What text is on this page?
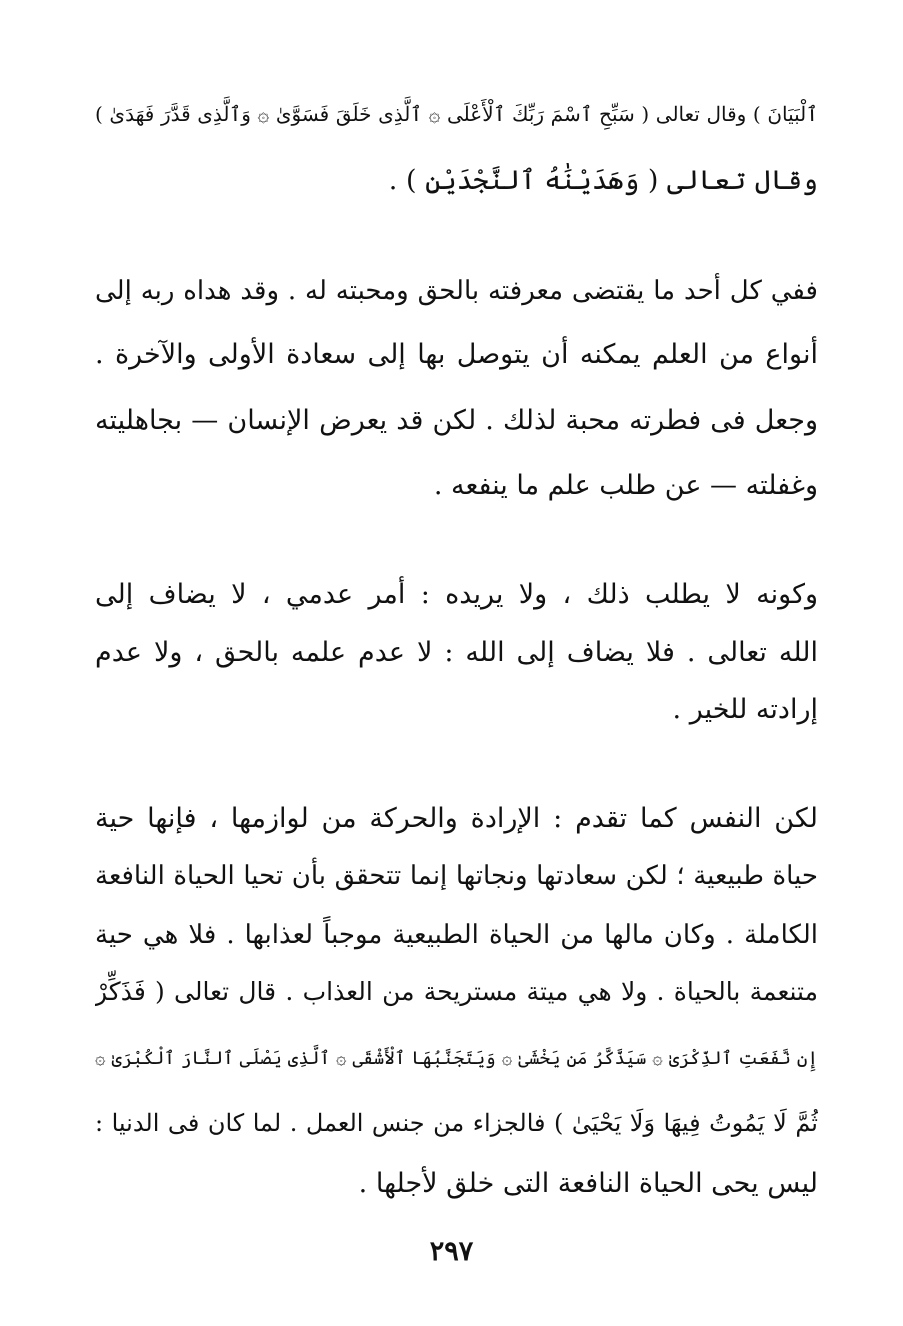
ٱلْبَيَانَ ) وقال تعالى ( سَبِّحِ ٱسْمَ رَبِّكَ ٱلْأَعْلَى ۞ ٱلَّذِى خَلَقَ فَسَوَّىٰ ۞ وَٱلَّذِى قَدَّرَ فَهَدَىٰ )
وقال تعالى ( وَهَدَيْنَٰهُ ٱلنَّجْدَيْنِ ) .
ففي كل أحد ما يقتضى معرفته بالحق ومحبته له . وقد هداه ربه إلى
أنواع من العلم يمكنه أن يتوصل بها إلى سعادة الأولى والآخرة .
وجعل فى فطرته محبة لذلك . لكن قد يعرض الإنسان — بجاهليته
وغفلته — عن طلب علم ما ينفعه .
وكونه لا يطلب ذلك ، ولا يريده : أمر عدمي ، لا يضاف إلى
الله تعالى . فلا يضاف إلى الله : لا عدم علمه بالحق ، ولا عدم
إرادته للخير .
لكن النفس كما تقدم : الإرادة والحركة من لوازمها ، فإنها حية
حياة طبيعية ؛ لكن سعادتها ونجاتها إنما تتحقق بأن تحيا الحياة النافعة
الكاملة . وكان مالها من الحياة الطبيعية موجباً لعذابها . فلا هي حية
متنعمة بالحياة . ولا هي ميتة مستريحة من العذاب . قال تعالى ( فَذَكِّرْ
إِن نَّفَعَتِ ٱلذِّكْرَىٰ ۞ سَيَذَّكَّرُ مَن يَخْشَىٰ ۞ وَيَتَجَنَّبُهَا ٱلْأَشْقَى ۞ ٱلَّذِى يَصْلَى ٱلنَّارَ ٱلْكُبْرَىٰ ۞
ثُمَّ لَا يَمُوتُ فِيهَا وَلَا يَحْيَىٰ ) فالجزاء من جنس العمل . لما كان فى الدنيا :
ليس يحى الحياة النافعة التى خلق لأجلها .
٢٩٧
